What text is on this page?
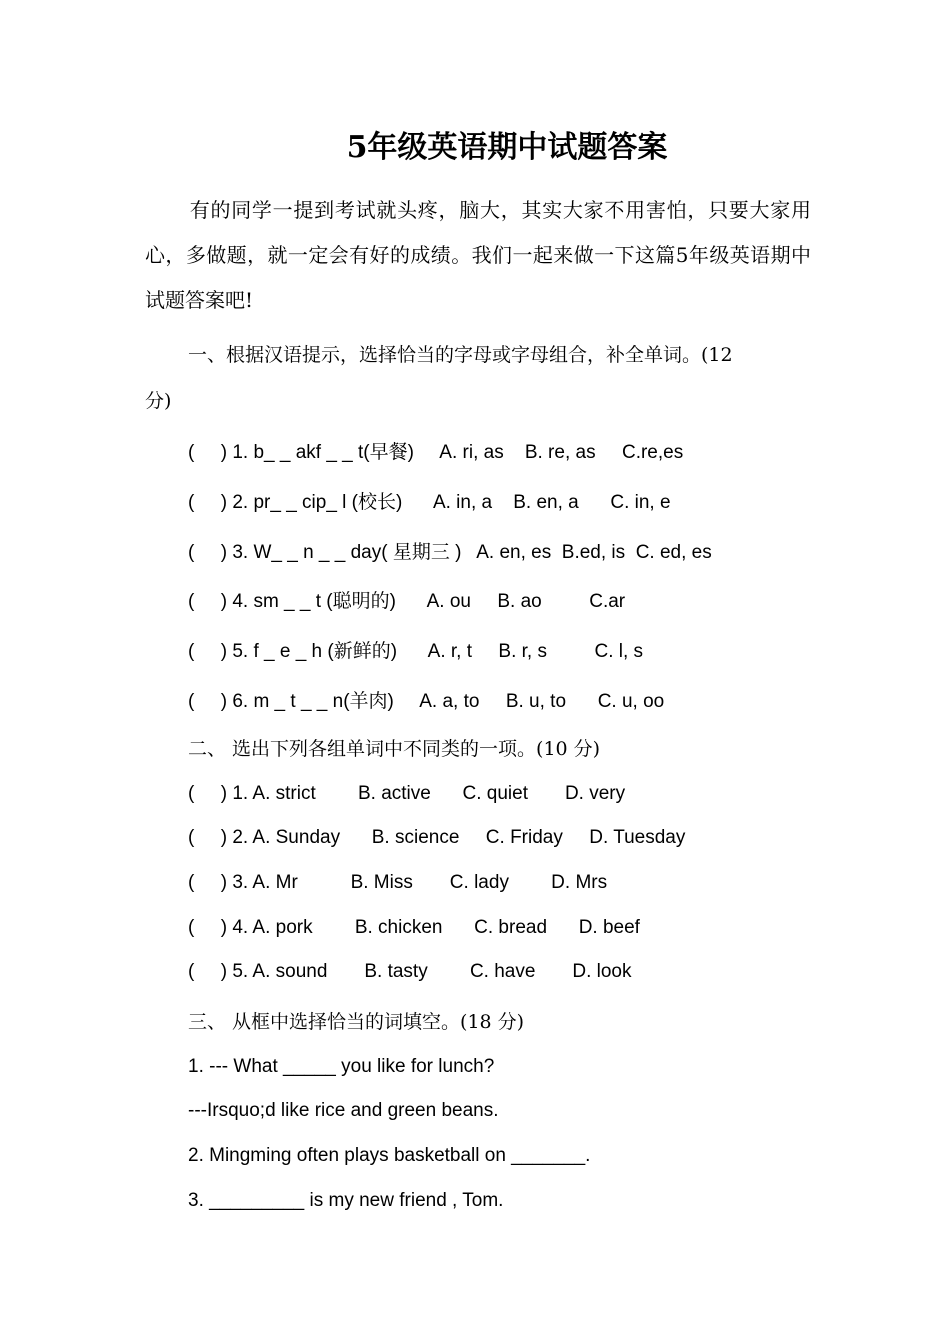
5年级英语期中试题答案
有的同学一提到考试就头疼，脑大，其实大家不用害怕，只要大家用心，多做题，就一定会有好的成绩。我们一起来做一下这篇5年级英语期中试题答案吧!
一、根据汉语提示，选择恰当的字母或字母组合，补全单词。(12
分)
(     ) 1. b_ _ akf _ _ t(早餐)     A. ri, as    B. re, as     C.re,es
(     ) 2. pr_ _ cip_ l (校长)      A. in, a    B. en, a      C. in, e
(     ) 3. W_ _ n _ _ day( 星期三 )   A. en, es  B.ed, is  C. ed, es
(     ) 4. sm _ _ t (聪明的)      A. ou     B. ao         C.ar
(     ) 5. f _ e _ h (新鲜的)      A. r, t     B. r, s         C. l, s
(     ) 6. m _ t _ _ n(羊肉)     A. a, to     B. u, to      C. u, oo
二、 选出下列各组单词中不同类的一项。(10 分)
(     ) 1. A. strict        B. active      C. quiet       D. very
(     ) 2. A. Sunday      B. science     C. Friday     D. Tuesday
(     ) 3. A. Mr          B. Miss       C. lady        D. Mrs
(     ) 4. A. pork        B. chicken      C. bread      D. beef
(     ) 5. A. sound       B. tasty        C. have       D. look
三、 从框中选择恰当的词填空。(18 分)
1. --- What _____ you like for lunch?
---Irsquo;d like rice and green beans.
2. Mingming often plays basketball on _______.
3. _________ is my new friend , Tom.
